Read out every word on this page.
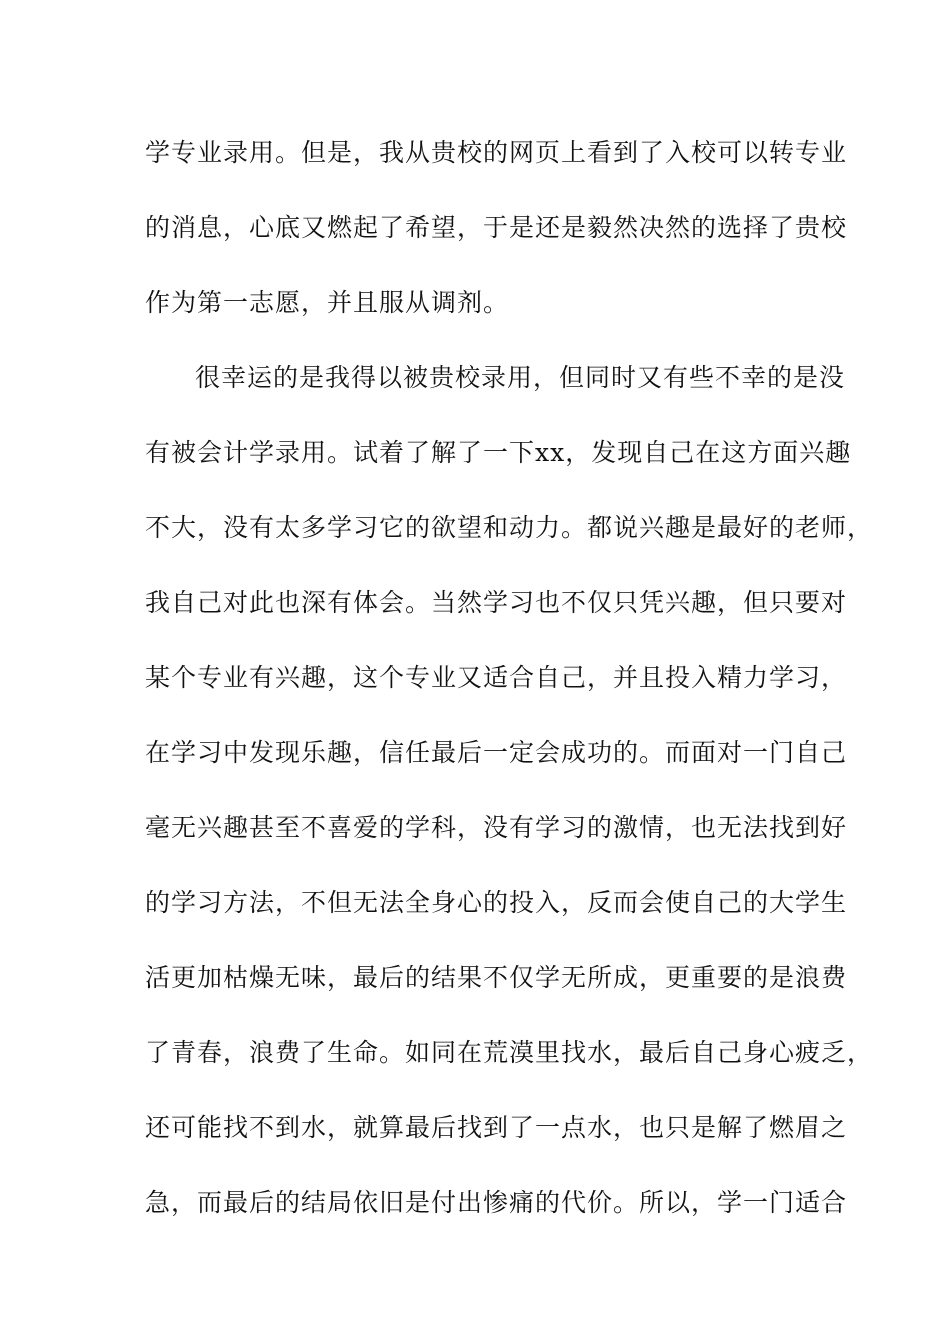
学专业录用。但是，我从贵校的网页上看到了入校可以转专业
的消息，心底又燃起了希望，于是还是毅然决然的选择了贵校
作为第一志愿，并且服从调剂。
很幸运的是我得以被贵校录用，但同时又有些不幸的是没
有被会计学录用。试着了解了一下xx，发现自己在这方面兴趣
不大，没有太多学习它的欲望和动力。都说兴趣是最好的老师，
我自己对此也深有体会。当然学习也不仅只凭兴趣，但只要对
某个专业有兴趣，这个专业又适合自己，并且投入精力学习，
在学习中发现乐趣，信任最后一定会成功的。而面对一门自己
毫无兴趣甚至不喜爱的学科，没有学习的激情，也无法找到好
的学习方法，不但无法全身心的投入，反而会使自己的大学生
活更加枯燥无味，最后的结果不仅学无所成，更重要的是浪费
了青春，浪费了生命。如同在荒漠里找水，最后自己身心疲乏，
还可能找不到水，就算最后找到了一点水，也只是解了燃眉之
急，而最后的结局依旧是付出惨痛的代价。所以，学一门适合
